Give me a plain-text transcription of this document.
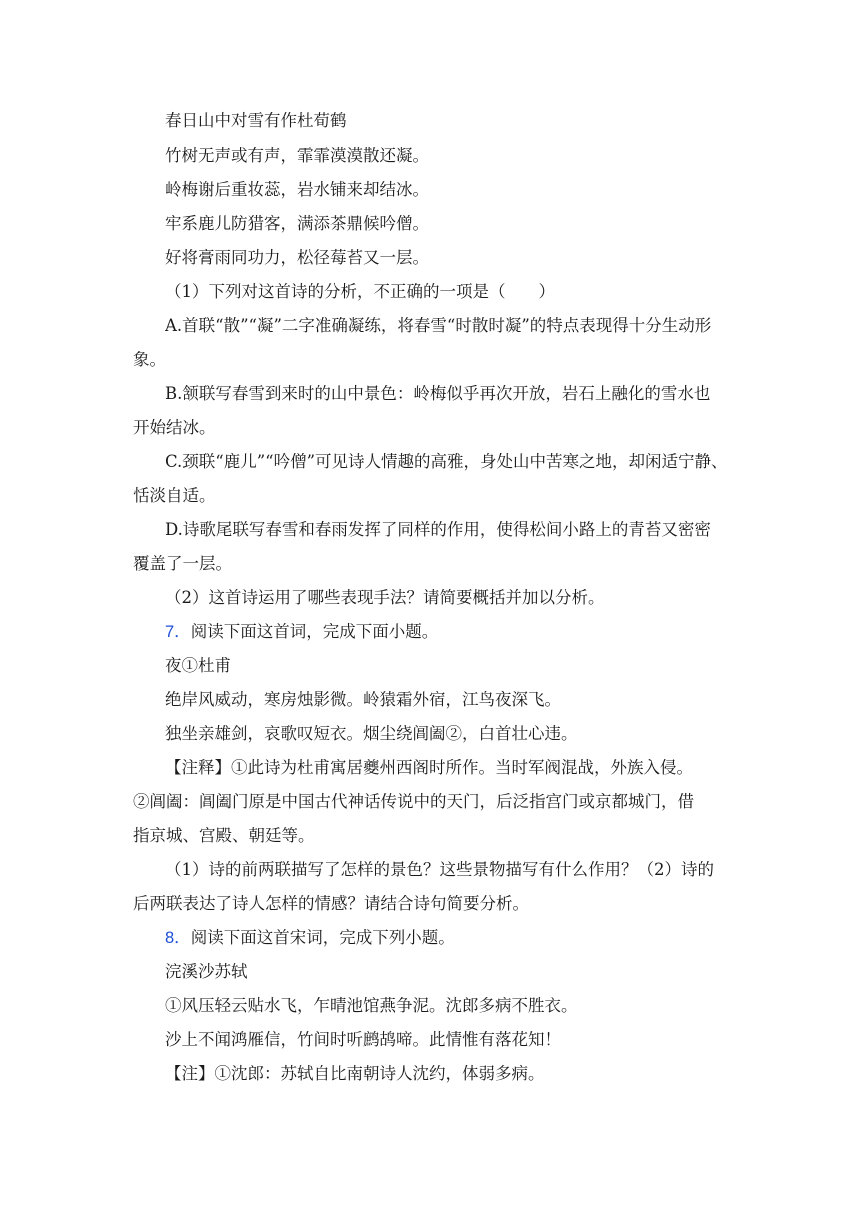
春日山中对雪有作杜荀鹤
竹树无声或有声，霏霏漠漠散还凝。
岭梅谢后重妆蕊，岩水铺来却结冰。
牢系鹿儿防猎客，满添茶鼎候吟僧。
好将膏雨同功力，松径莓苔又一层。
（1）下列对这首诗的分析，不正确的一项是（　　）
A.首联“散”“凝”二字准确凝练，将春雪“时散时凝”的特点表现得十分生动形
象。
B.颔联写春雪到来时的山中景色：岭梅似乎再次开放，岩石上融化的雪水也
开始结冰。
C.颈联“鹿儿”“吟僧”可见诗人情趣的高雅，身处山中苦寒之地，却闲适宁静、
恬淡自适。
D.诗歌尾联写春雪和春雨发挥了同样的作用，使得松间小路上的青苔又密密
覆盖了一层。
（2）这首诗运用了哪些表现手法？请简要概括并加以分析。
7．阅读下面这首词，完成下面小题。
夜①杜甫
绝岸风威动，寒房烛影微。岭猿霜外宿，江鸟夜深飞。
独坐亲雄剑，哀歌叹短衣。烟尘绕阊阖②，白首壮心违。
【注释】①此诗为杜甫寓居夔州西阁时所作。当时军阀混战，外族入侵。
②阊阖：阊阖门原是中国古代神话传说中的天门，后泛指宫门或京都城门，借
指京城、宫殿、朝廷等。
（1）诗的前两联描写了怎样的景色？这些景物描写有什么作用？（2）诗的
后两联表达了诗人怎样的情感？请结合诗句简要分析。
8．阅读下面这首宋词，完成下列小题。
浣溪沙苏轼
①风压轻云贴水飞，乍晴池馆燕争泥。沈郎多病不胜衣。
沙上不闻鸿雁信，竹间时听鹧鸪啼。此情惟有落花知！
【注】①沈郎：苏轼自比南朝诗人沈约，体弱多病。
